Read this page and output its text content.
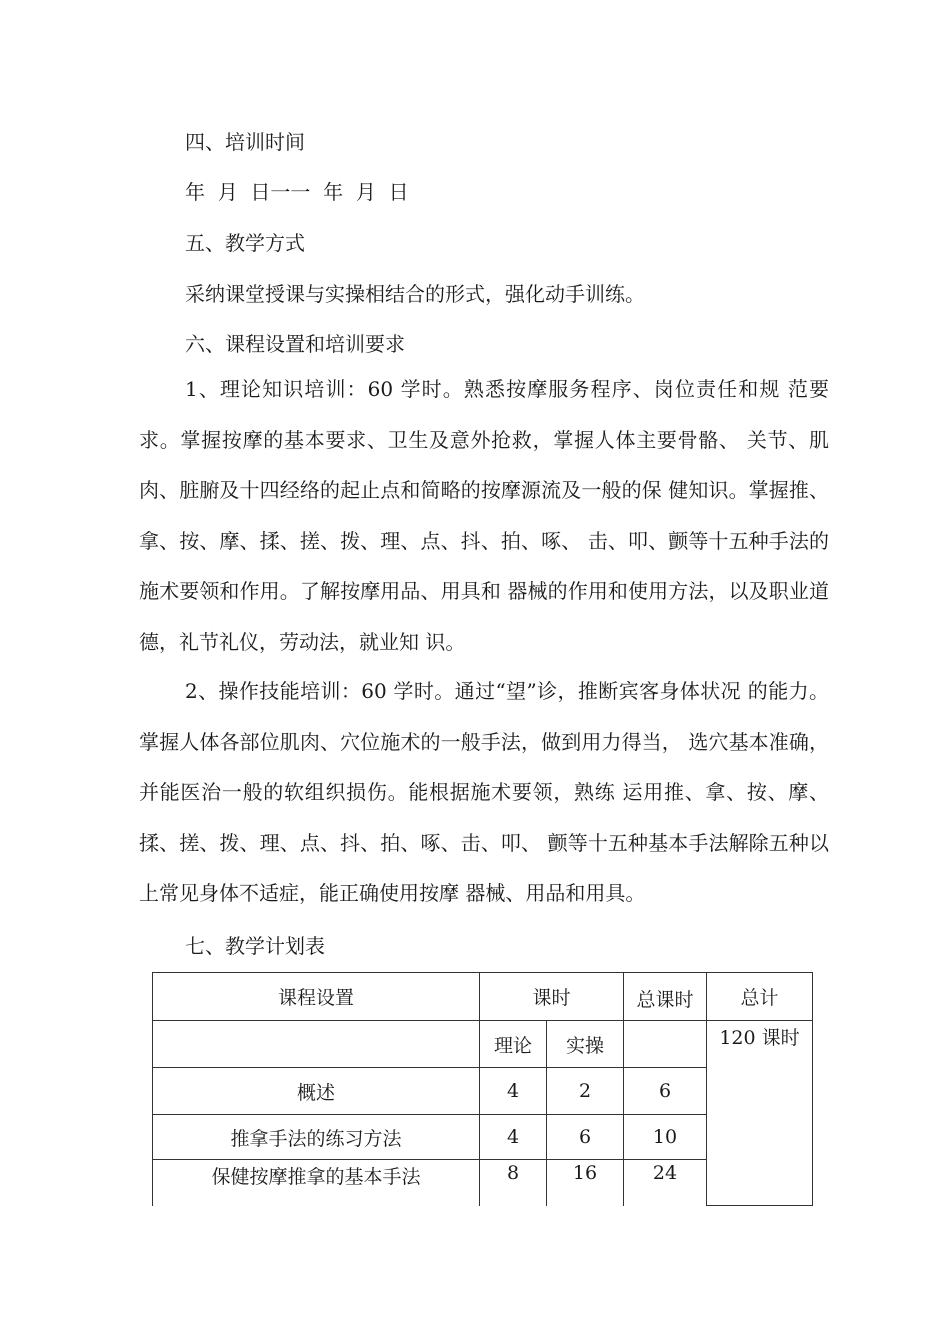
四、培训时间

年  月  日一一  年  月  日

五、教学方式

采纳课堂授课与实操相结合的形式，强化动手训练。

六、课程设置和培训要求

1、理论知识培训：60 学时。熟悉按摩服务程序、岗位责任和规 范要求。掌握按摩的基本要求、卫生及意外抢救，掌握人体主要骨骼、 关节、肌肉、脏腑及十四经络的起止点和简略的按摩源流及一般的保 健知识。掌握推、拿、按、摩、揉、搓、拨、理、点、抖、拍、啄、 击、叩、颤等十五种手法的施术要领和作用。了解按摩用品、用具和 器械的作用和使用方法，以及职业道德，礼节礼仪，劳动法，就业知 识。

2、操作技能培训：60 学时。通过“望”诊，推断宾客身体状况 的能力。掌握人体各部位肌肉、穴位施术的一般手法，做到用力得当， 选穴基本准确，并能医治一般的软组织损伤。能根据施术要领，熟练 运用推、拿、按、摩、揉、搓、拨、理、点、抖、拍、啄、击、叩、 颤等十五种基本手法解除五种以上常见身体不适症，能正确使用按摩 器械、用品和用具。

七、教学计划表

课程设置	课时		总课时	总计
	理论	实操		120 课时
概述	4	2	6	
推拿手法的练习方法	4	6	10	
保健按摩推拿的基本手法	8	16	24	
